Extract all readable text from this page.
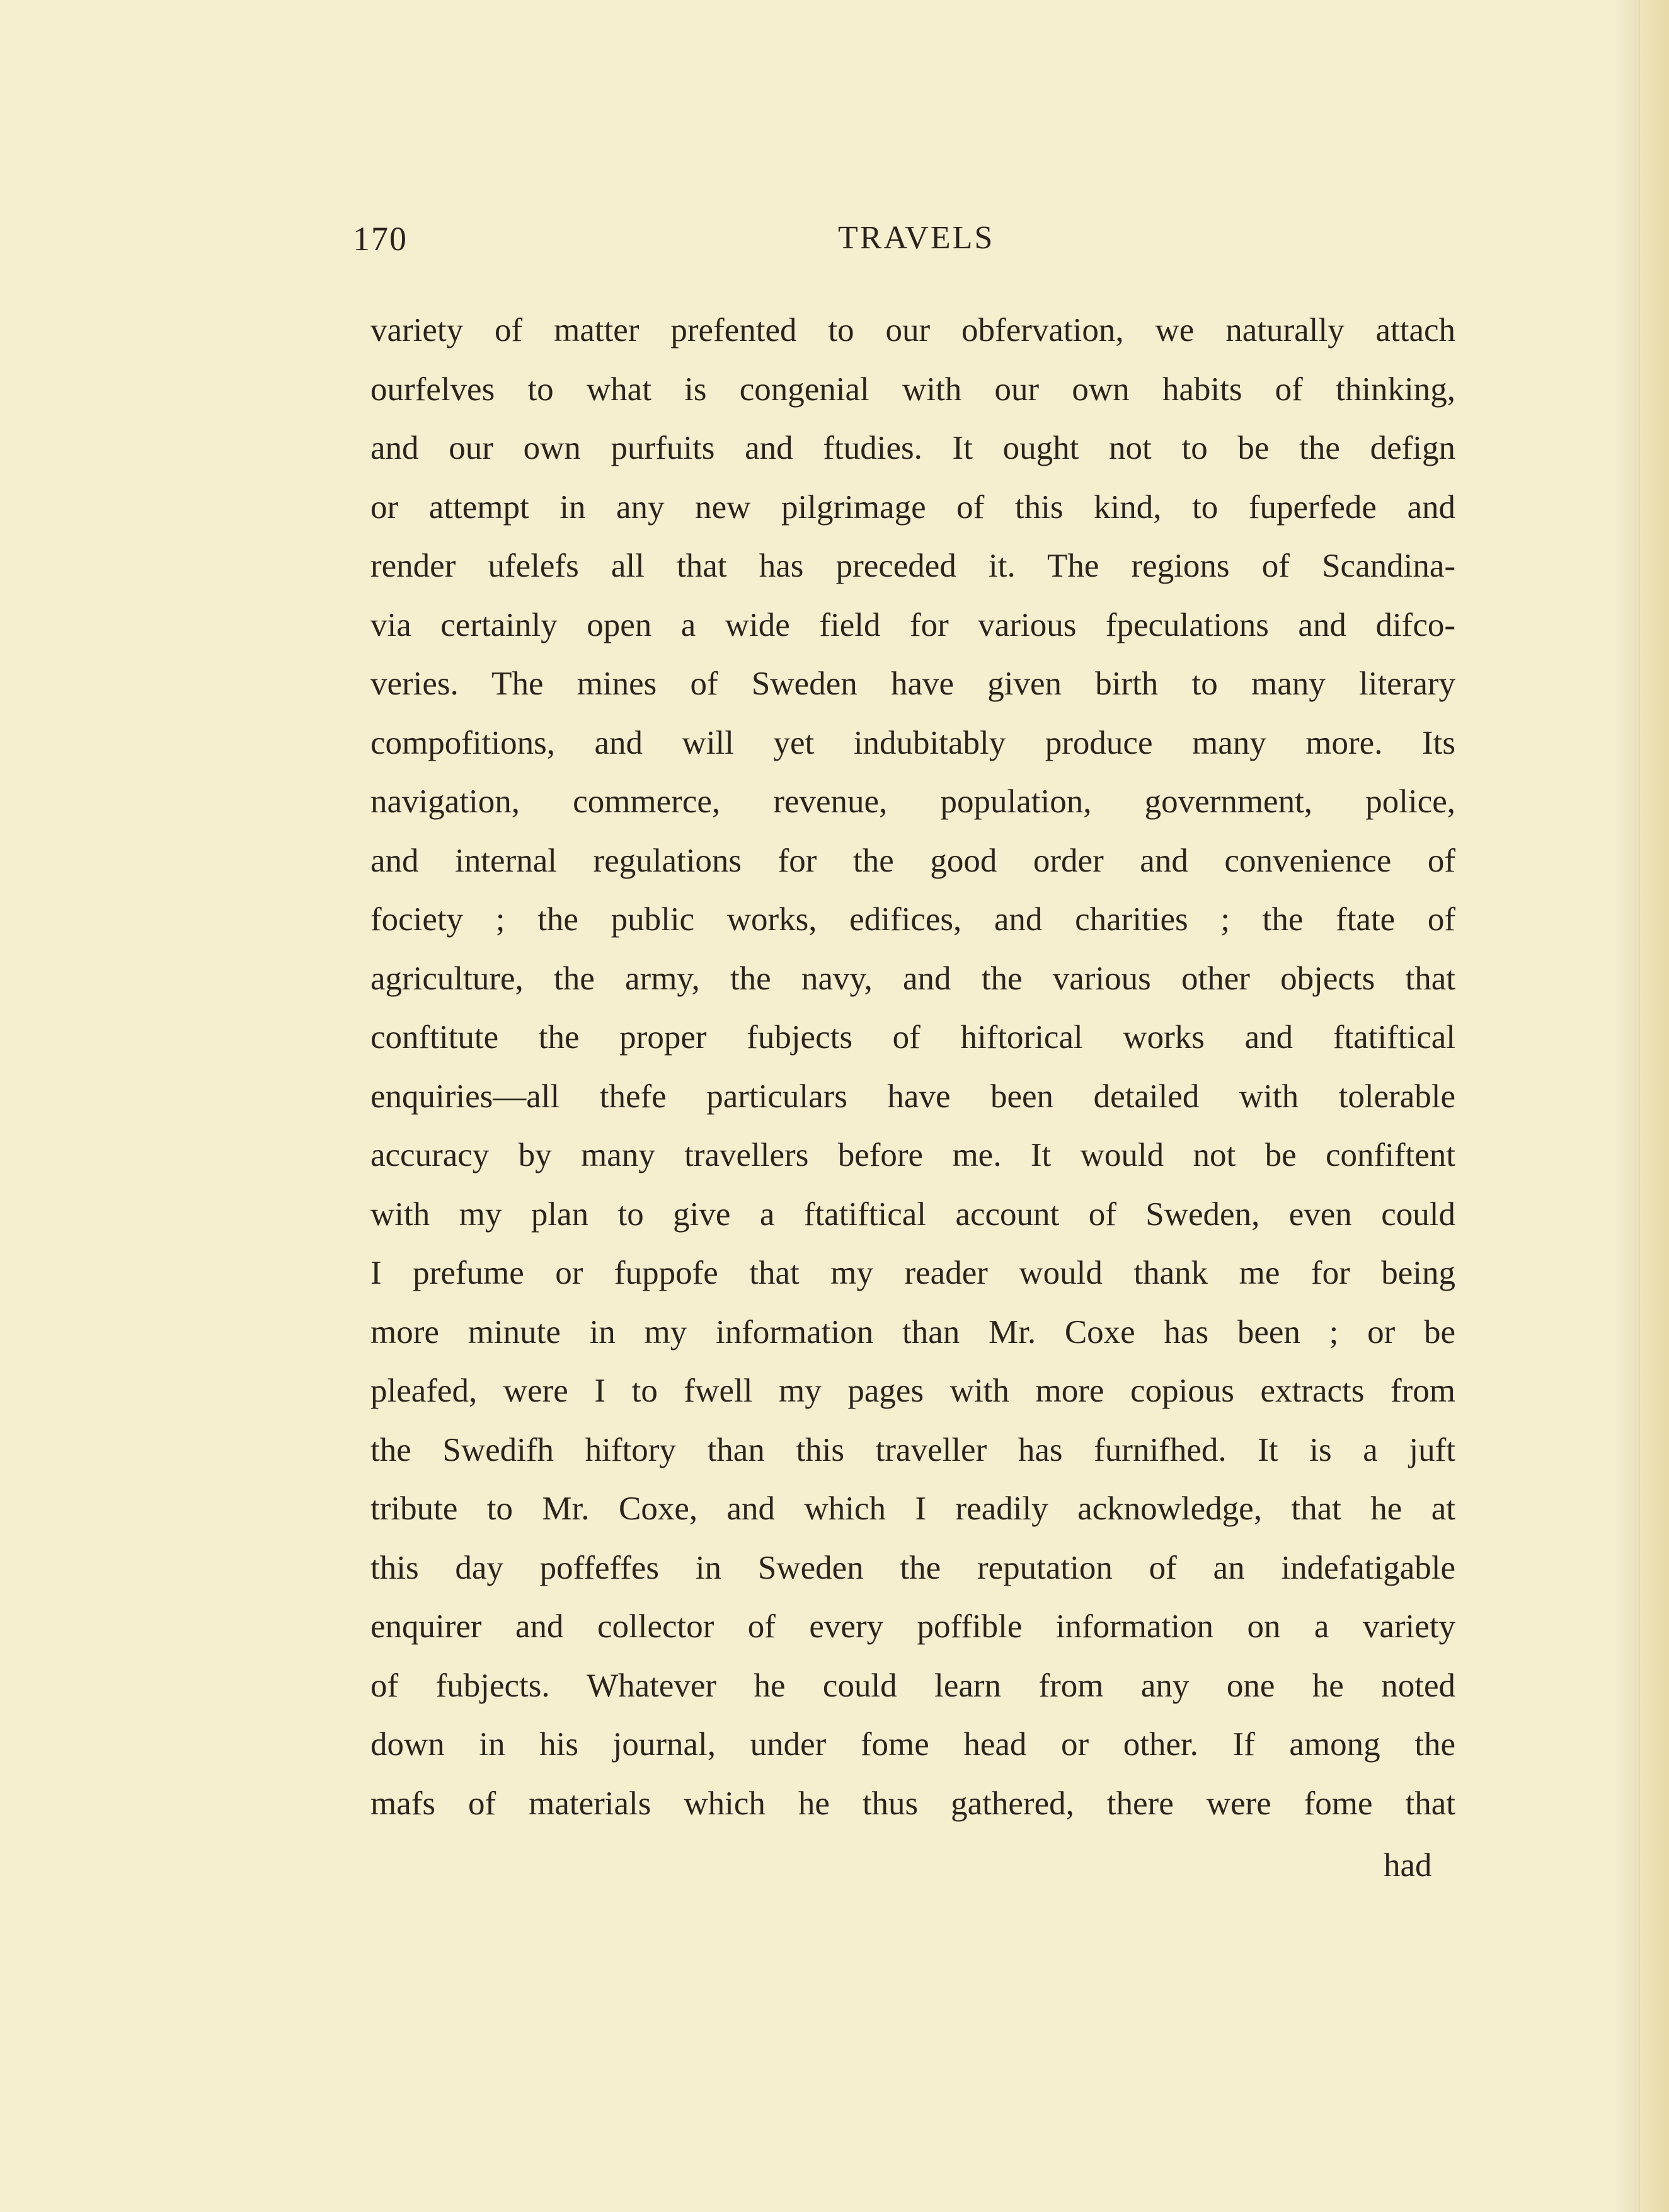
170	TRAVELS
variety of matter prefented to our obfervation, we naturally attach
ourfelves to what is congenial with our own habits of thinking,
and our own purfuits and ftudies. It ought not to be the defign
or attempt in any new pilgrimage of this kind, to fuperfede and
render ufelefs all that has preceded it. The regions of Scandina-
via certainly open a wide field for various fpeculations and difco-
veries. The mines of Sweden have given birth to many literary
compofitions, and will yet indubitably produce many more. Its
navigation, commerce, revenue, population, government, police,
and internal regulations for the good order and convenience of
fociety ; the public works, edifices, and charities ; the ftate of
agriculture, the army, the navy, and the various other objects that
conftitute the proper fubjects of hiftorical works and ftatiftical
enquiries—all thefe particulars have been detailed with tolerable
accuracy by many travellers before me. It would not be confiftent
with my plan to give a ftatiftical account of Sweden, even could
I prefume or fuppofe that my reader would thank me for being
more minute in my information than Mr. Coxe has been ; or be
pleafed, were I to fwell my pages with more copious extracts from
the Swedifh hiftory than this traveller has furnifhed. It is a juft
tribute to Mr. Coxe, and which I readily acknowledge, that he at
this day poffeffes in Sweden the reputation of an indefatigable
enquirer and collector of every poffible information on a variety
of fubjects. Whatever he could learn from any one he noted
down in his journal, under fome head or other. If among the
mafs of materials which he thus gathered, there were fome that
had
